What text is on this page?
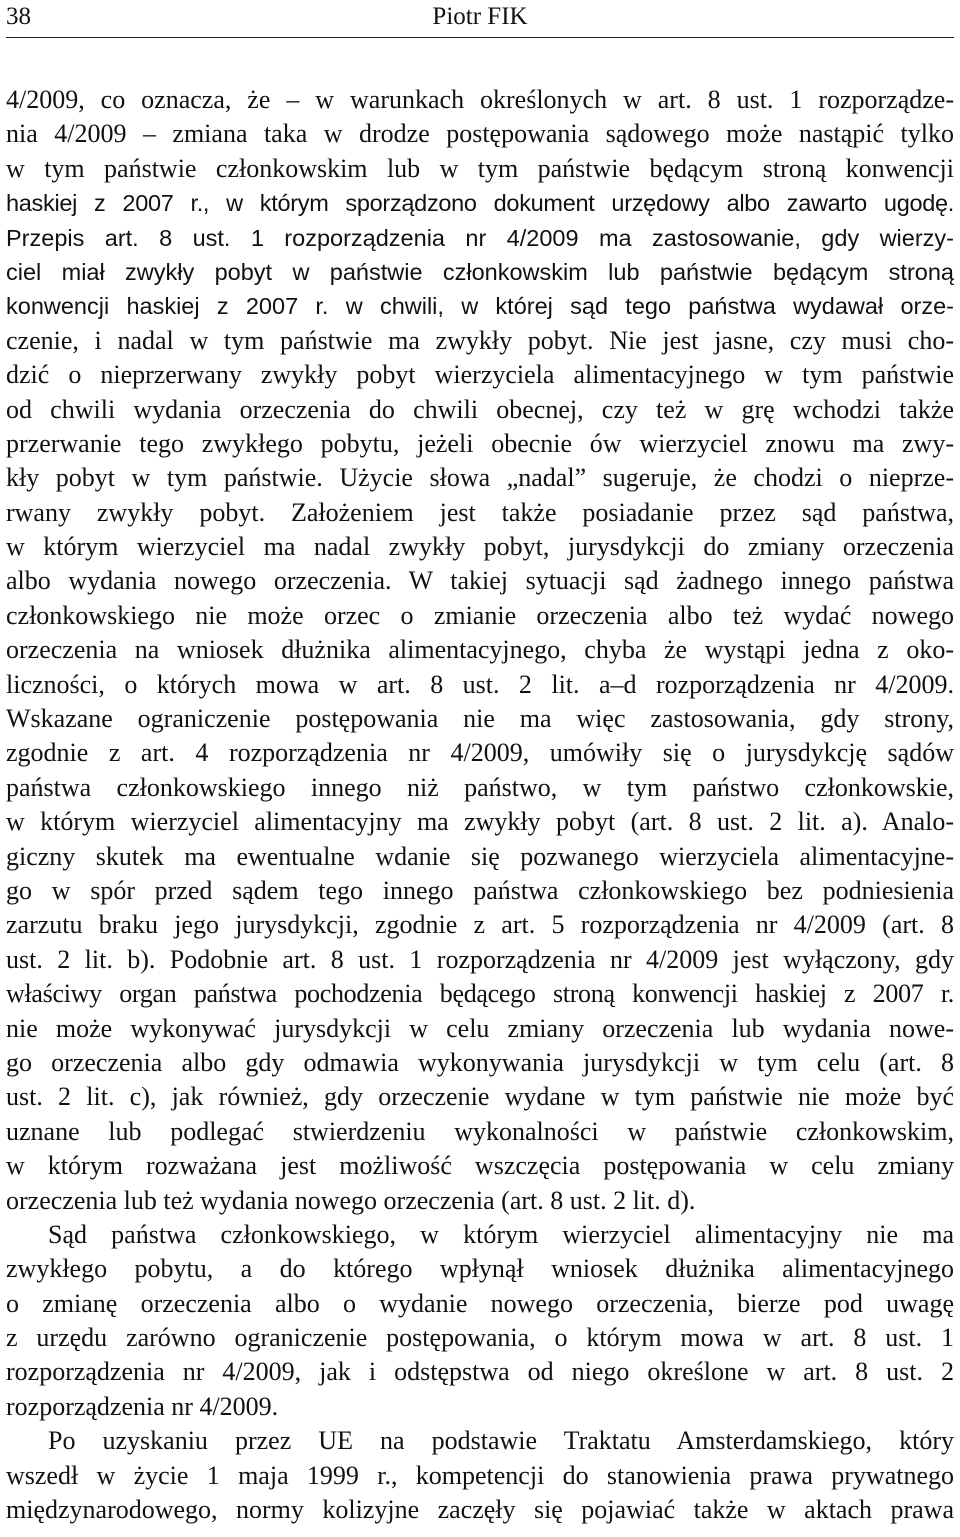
38	Piotr FIK
4/2009, co oznacza, że – w warunkach określonych w art. 8 ust. 1 rozporządze-
nia 4/2009 – zmiana taka w drodze postępowania sądowego może nastąpić tylko
w tym państwie członkowskim lub w tym państwie będącym stroną konwencji
haskiej z 2007 r., w którym sporządzono dokument urzędowy albo zawarto ugodę.
Przepis art. 8 ust. 1 rozporządzenia nr 4/2009 ma zastosowanie, gdy wierzy-
ciel miał zwykły pobyt w państwie członkowskim lub państwie będącym stroną
konwencji haskiej z 2007 r. w chwili, w której sąd tego państwa wydawał orze-
czenie, i nadal w tym państwie ma zwykły pobyt. Nie jest jasne, czy musi cho-
dzić o nieprzerwany zwykły pobyt wierzyciela alimentacyjnego w tym państwie
od chwili wydania orzeczenia do chwili obecnej, czy też w grę wchodzi także
przerwanie tego zwykłego pobytu, jeżeli obecnie ów wierzyciel znowu ma zwy-
kły pobyt w tym państwie. Użycie słowa „nadal” sugeruje, że chodzi o nieprze-
rwany zwykły pobyt. Założeniem jest także posiadanie przez sąd państwa,
w którym wierzyciel ma nadal zwykły pobyt, jurysdykcji do zmiany orzeczenia
albo wydania nowego orzeczenia. W takiej sytuacji sąd żadnego innego państwa
członkowskiego nie może orzec o zmianie orzeczenia albo też wydać nowego
orzeczenia na wniosek dłużnika alimentacyjnego, chyba że wystąpi jedna z oko-
liczności, o których mowa w art. 8 ust. 2 lit. a–d rozporządzenia nr 4/2009.
Wskazane ograniczenie postępowania nie ma więc zastosowania, gdy strony,
zgodnie z art. 4 rozporządzenia nr 4/2009, umówiły się o jurysdykcję sądów
państwa członkowskiego innego niż państwo, w tym państwo członkowskie,
w którym wierzyciel alimentacyjny ma zwykły pobyt (art. 8 ust. 2 lit. a). Analo-
giczny skutek ma ewentualne wdanie się pozwanego wierzyciela alimentacyjne-
go w spór przed sądem tego innego państwa członkowskiego bez podniesienia
zarzutu braku jego jurysdykcji, zgodnie z art. 5 rozporządzenia nr 4/2009 (art. 8
ust. 2 lit. b). Podobnie art. 8 ust. 1 rozporządzenia nr 4/2009 jest wyłączony, gdy
właściwy organ państwa pochodzenia będącego stroną konwencji haskiej z 2007 r.
nie może wykonywać jurysdykcji w celu zmiany orzeczenia lub wydania nowe-
go orzeczenia albo gdy odmawia wykonywania jurysdykcji w tym celu (art. 8
ust. 2 lit. c), jak również, gdy orzeczenie wydane w tym państwie nie może być
uznane lub podlegać stwierdzeniu wykonalności w państwie członkowskim,
w którym rozważana jest możliwość wszczęcia postępowania w celu zmiany
orzeczenia lub też wydania nowego orzeczenia (art. 8 ust. 2 lit. d).
Sąd państwa członkowskiego, w którym wierzyciel alimentacyjny nie ma
zwykłego pobytu, a do którego wpłynął wniosek dłużnika alimentacyjnego
o zmianę orzeczenia albo o wydanie nowego orzeczenia, bierze pod uwagę
z urzędu zarówno ograniczenie postępowania, o którym mowa w art. 8 ust. 1
rozporządzenia nr 4/2009, jak i odstępstwa od niego określone w art. 8 ust. 2
rozporządzenia nr 4/2009.
Po uzyskaniu przez UE na podstawie Traktatu Amsterdamskiego, który
wszedł w życie 1 maja 1999 r., kompetencji do stanowienia prawa prywatnego
międzynarodowego, normy kolizyjne zaczęły się pojawiać także w aktach prawa
